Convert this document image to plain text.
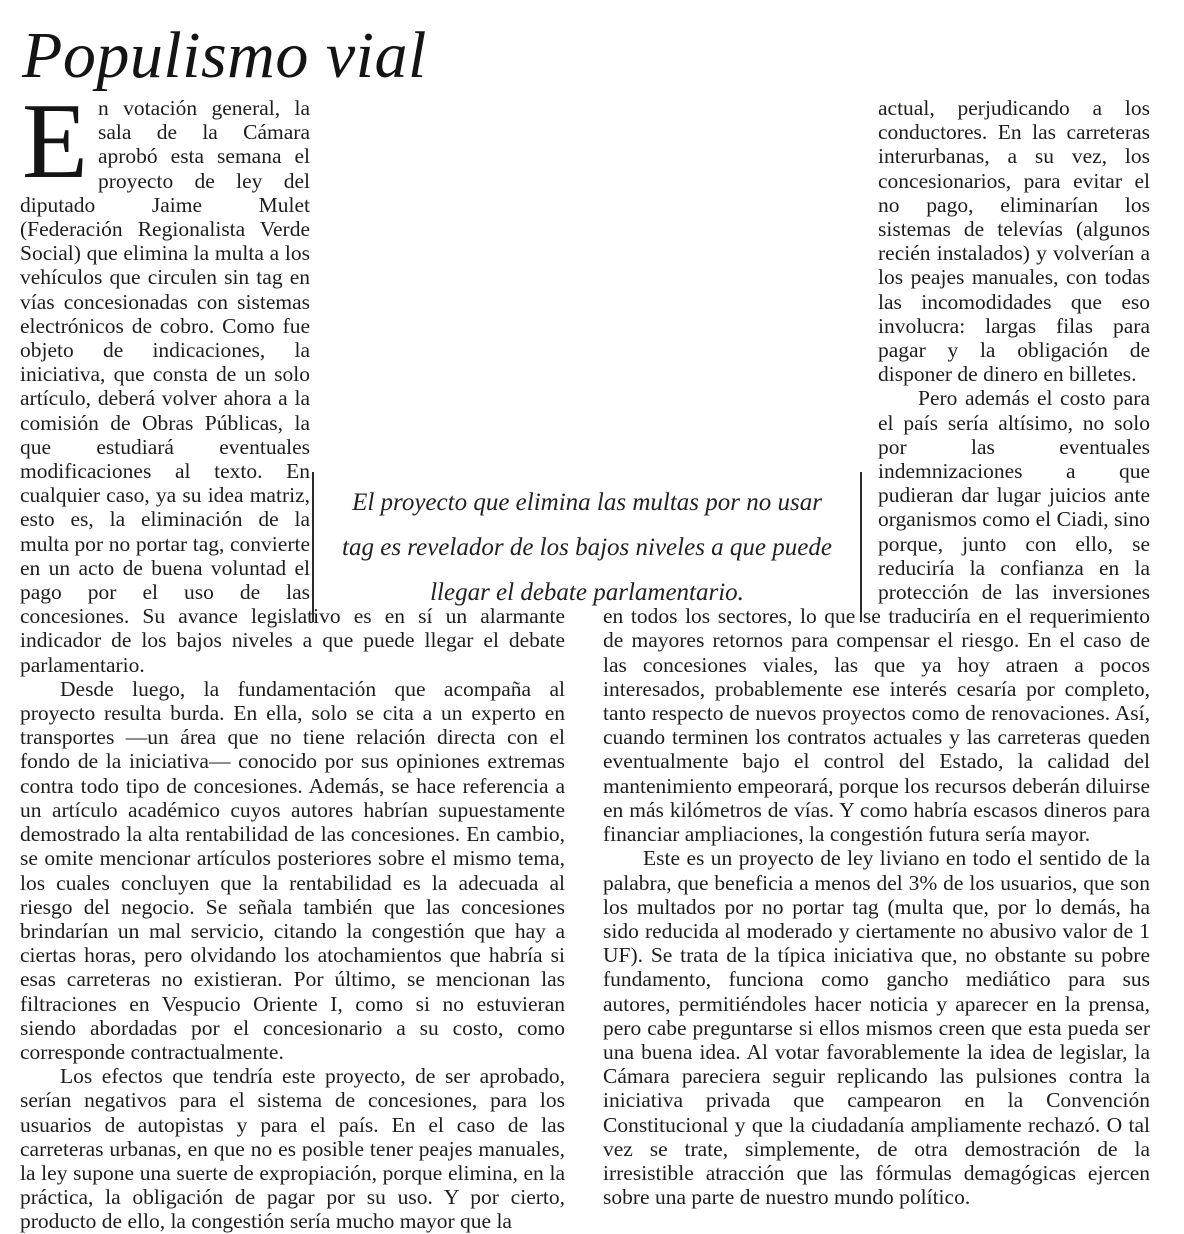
Populismo vial

En votación general, la sala de la Cámara aprobó esta semana el proyecto de ley del diputado Jaime Mulet (Federación Regionalista Verde Social) que elimina la multa a los vehículos que circulen sin tag en vías concesionadas con sistemas electrónicos de cobro. Como fue objeto de indicaciones, la iniciativa, que consta de un solo artículo, deberá volver ahora a la comisión de Obras Públicas, la que estudiará eventuales modificaciones al texto. En cualquier caso, ya su idea matriz, esto es, la eliminación de la multa por no portar tag, convierte en un acto de buena voluntad el pago por el uso de las concesiones. Su avance legislativo es en sí un alarmante indicador de los bajos niveles a que puede llegar el debate parlamentario.

Desde luego, la fundamentación que acompaña al proyecto resulta burda. En ella, solo se cita a un experto en transportes —un área que no tiene relación directa con el fondo de la iniciativa— conocido por sus opiniones extremas contra todo tipo de concesiones. Además, se hace referencia a un artículo académico cuyos autores habrían supuestamente demostrado la alta rentabilidad de las concesiones. En cambio, se omite mencionar artículos posteriores sobre el mismo tema, los cuales concluyen que la rentabilidad es la adecuada al riesgo del negocio. Se señala también que las concesiones brindarían un mal servicio, citando la congestión que hay a ciertas horas, pero olvidando los atochamientos que habría si esas carreteras no existieran. Por último, se mencionan las filtraciones en Vespucio Oriente I, como si no estuvieran siendo abordadas por el concesionario a su costo, como corresponde contractualmente.

Los efectos que tendría este proyecto, de ser aprobado, serían negativos para el sistema de concesiones, para los usuarios de autopistas y para el país. En el caso de las carreteras urbanas, en que no es posible tener peajes manuales, la ley supone una suerte de expropiación, porque elimina, en la práctica, la obligación de pagar por su uso. Y por cierto, producto de ello, la congestión sería mucho mayor que la

actual, perjudicando a los conductores. En las carreteras interurbanas, a su vez, los concesionarios, para evitar el no pago, eliminarían los sistemas de televías (algunos recién instalados) y volverían a los peajes manuales, con todas las incomodidades que eso involucra: largas filas para pagar y la obligación de disponer de dinero en billetes.

Pero además el costo para el país sería altísimo, no solo por las eventuales indemnizaciones a que pudieran dar lugar juicios ante organismos como el Ciadi, sino porque, junto con ello, se reduciría la confianza en la protección de las inversiones en todos los sectores, lo que se traduciría en el requerimiento de mayores retornos para compensar el riesgo. En el caso de las concesiones viales, las que ya hoy atraen a pocos interesados, probablemente ese interés cesaría por completo, tanto respecto de nuevos proyectos como de renovaciones. Así, cuando terminen los contratos actuales y las carreteras queden eventualmente bajo el control del Estado, la calidad del mantenimiento empeorará, porque los recursos deberán diluirse en más kilómetros de vías. Y como habría escasos dineros para financiar ampliaciones, la congestión futura sería mayor.

Este es un proyecto de ley liviano en todo el sentido de la palabra, que beneficia a menos del 3% de los usuarios, que son los multados por no portar tag (multa que, por lo demás, ha sido reducida al moderado y ciertamente no abusivo valor de 1 UF). Se trata de la típica iniciativa que, no obstante su pobre fundamento, funciona como gancho mediático para sus autores, permitiéndoles hacer noticia y aparecer en la prensa, pero cabe preguntarse si ellos mismos creen que esta pueda ser una buena idea. Al votar favorablemente la idea de legislar, la Cámara pareciera seguir replicando las pulsiones contra la iniciativa privada que campearon en la Convención Constitucional y que la ciudadanía ampliamente rechazó. O tal vez se trate, simplemente, de otra demostración de la irresistible atracción que las fórmulas demagógicas ejercen sobre una parte de nuestro mundo político.

El proyecto que elimina las multas por no usar tag es revelador de los bajos niveles a que puede llegar el debate parlamentario.
